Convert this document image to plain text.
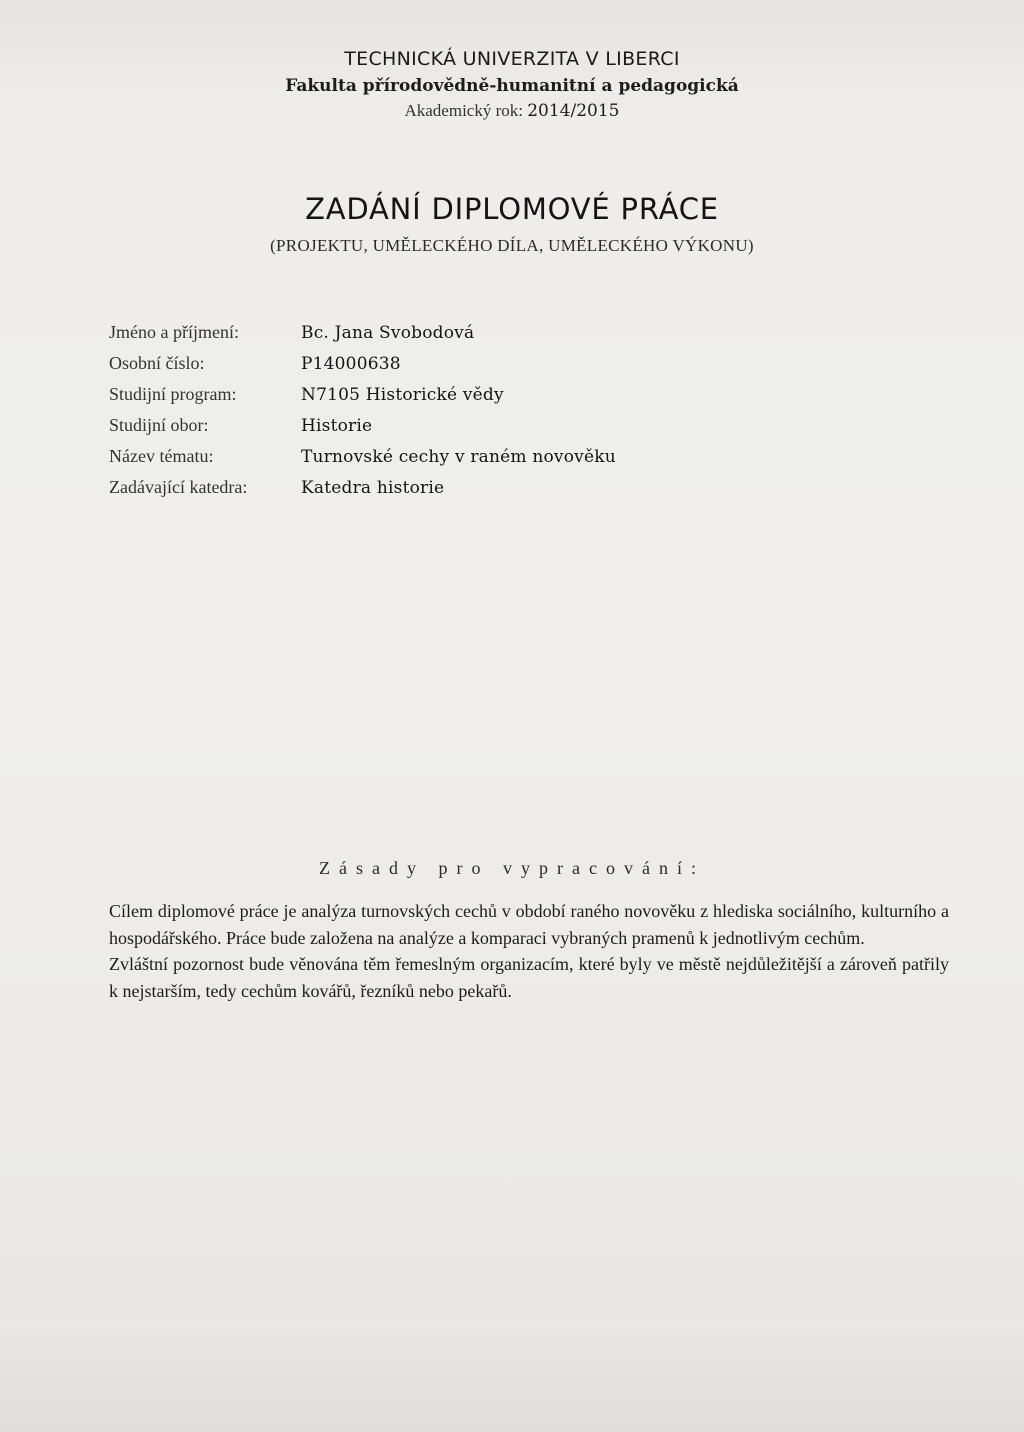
TECHNICKÁ UNIVERZITA V LIBERCI
Fakulta přírodovědně-humanitní a pedagogická
Akademický rok: 2014/2015
ZADÁNÍ DIPLOMOVÉ PRÁCE
(PROJEKTU, UMĚLECKÉHO DÍLA, UMĚLECKÉHO VÝKONU)
Jméno a příjmení:	Bc. Jana Svobodová
Osobní číslo:	P14000638
Studijní program:	N7105 Historické vědy
Studijní obor:	Historie
Název tématu:	Turnovské cechy v raném novověku
Zadávající katedra:	Katedra historie
Zásady pro vypracování:

Cílem diplomové práce je analýza turnovských cechů v období raného novověku z hlediska sociálního, kulturního a hospodářského. Práce bude založena na analýze a komparaci vybraných pramenů k jednotlivým cechům.

Zvláštní pozornost bude věnována těm řemeslným organizacím, které byly ve městě nejdůležitější a zároveň patřily k nejstarším, tedy cechům kovářů, řezníků nebo pekařů.
